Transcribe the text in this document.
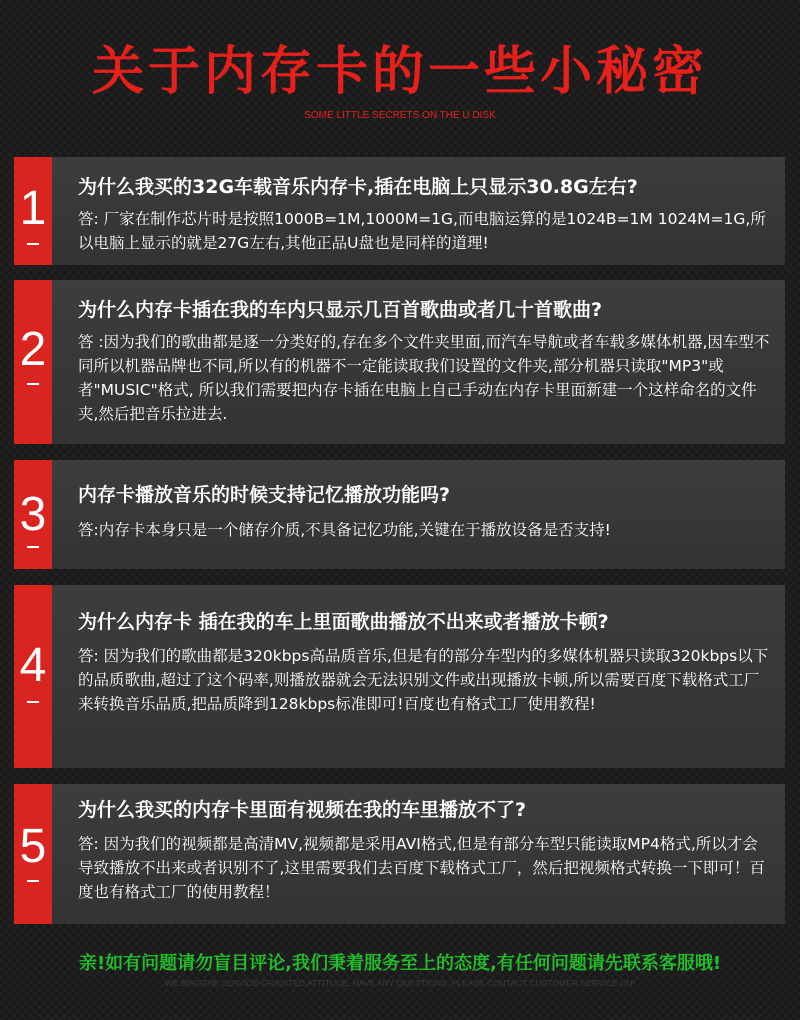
关于内存卡的一些小秘密
SOME LITTLE SECRETS ON THE U DISK
1 为什么我买的32G车载音乐内存卡,插在电脑上只显示30.8G左右?
答: 厂家在制作芯片时是按照1000B=1M,1000M=1G,而电脑运算的是1024B=1M 1024M=1G,所以电脑上显示的就是27G左右,其他正品U盘也是同样的道理!
2
为什么内存卡插在我的车内只显示几百首歌曲或者几十首歌曲?
答 :因为我们的歌曲都是逐一分类好的,存在多个文件夹里面,而汽车导航或者车载多媒体机器,因车型不同所以机器品牌也不同,所以有的机器不一定能读取我们设置的文件夹,部分机器只读取"MP3"或者"MUSIC"格式, 所以我们需要把内存卡插在电脑上自己手动在内存卡里面新建一个这样命名的文件夹,然后把音乐拉进去.
3 内存卡播放音乐的时候支持记忆播放功能吗?
答:内存卡本身只是一个储存介质,不具备记忆功能,关键在于播放设备是否支持!
4
为什么内存卡 插在我的车上里面歌曲播放不出来或者播放卡顿?
答: 因为我们的歌曲都是320kbps高品质音乐,但是有的部分车型内的多媒体机器只读取320kbps以下的品质歌曲,超过了这个码率,则播放器就会无法识别文件或出现播放卡顿,所以需要百度下载格式工厂来转换音乐品质,把品质降到128kbps标准即可!百度也有格式工厂使用教程!
5
为什么我买的内存卡里面有视频在我的车里播放不了?
答: 因为我们的视频都是高清MV,视频都是采用AVI格式,但是有部分车型只能读取MP4格式,所以才会导致播放不出来或者识别不了,这里需要我们去百度下载格式工厂，然后把视频格式转换一下即可！百度也有格式工厂的使用教程！
亲!如有问题请勿盲目评论,我们秉着服务至上的态度,有任何问题请先联系客服哦!
WE BINGZHE SERVICE-ORIENTED ATTITUDE, HAVE ANY QUESTIONS, PLEASE CONTACT CUSTOMER SERVICE OH!
